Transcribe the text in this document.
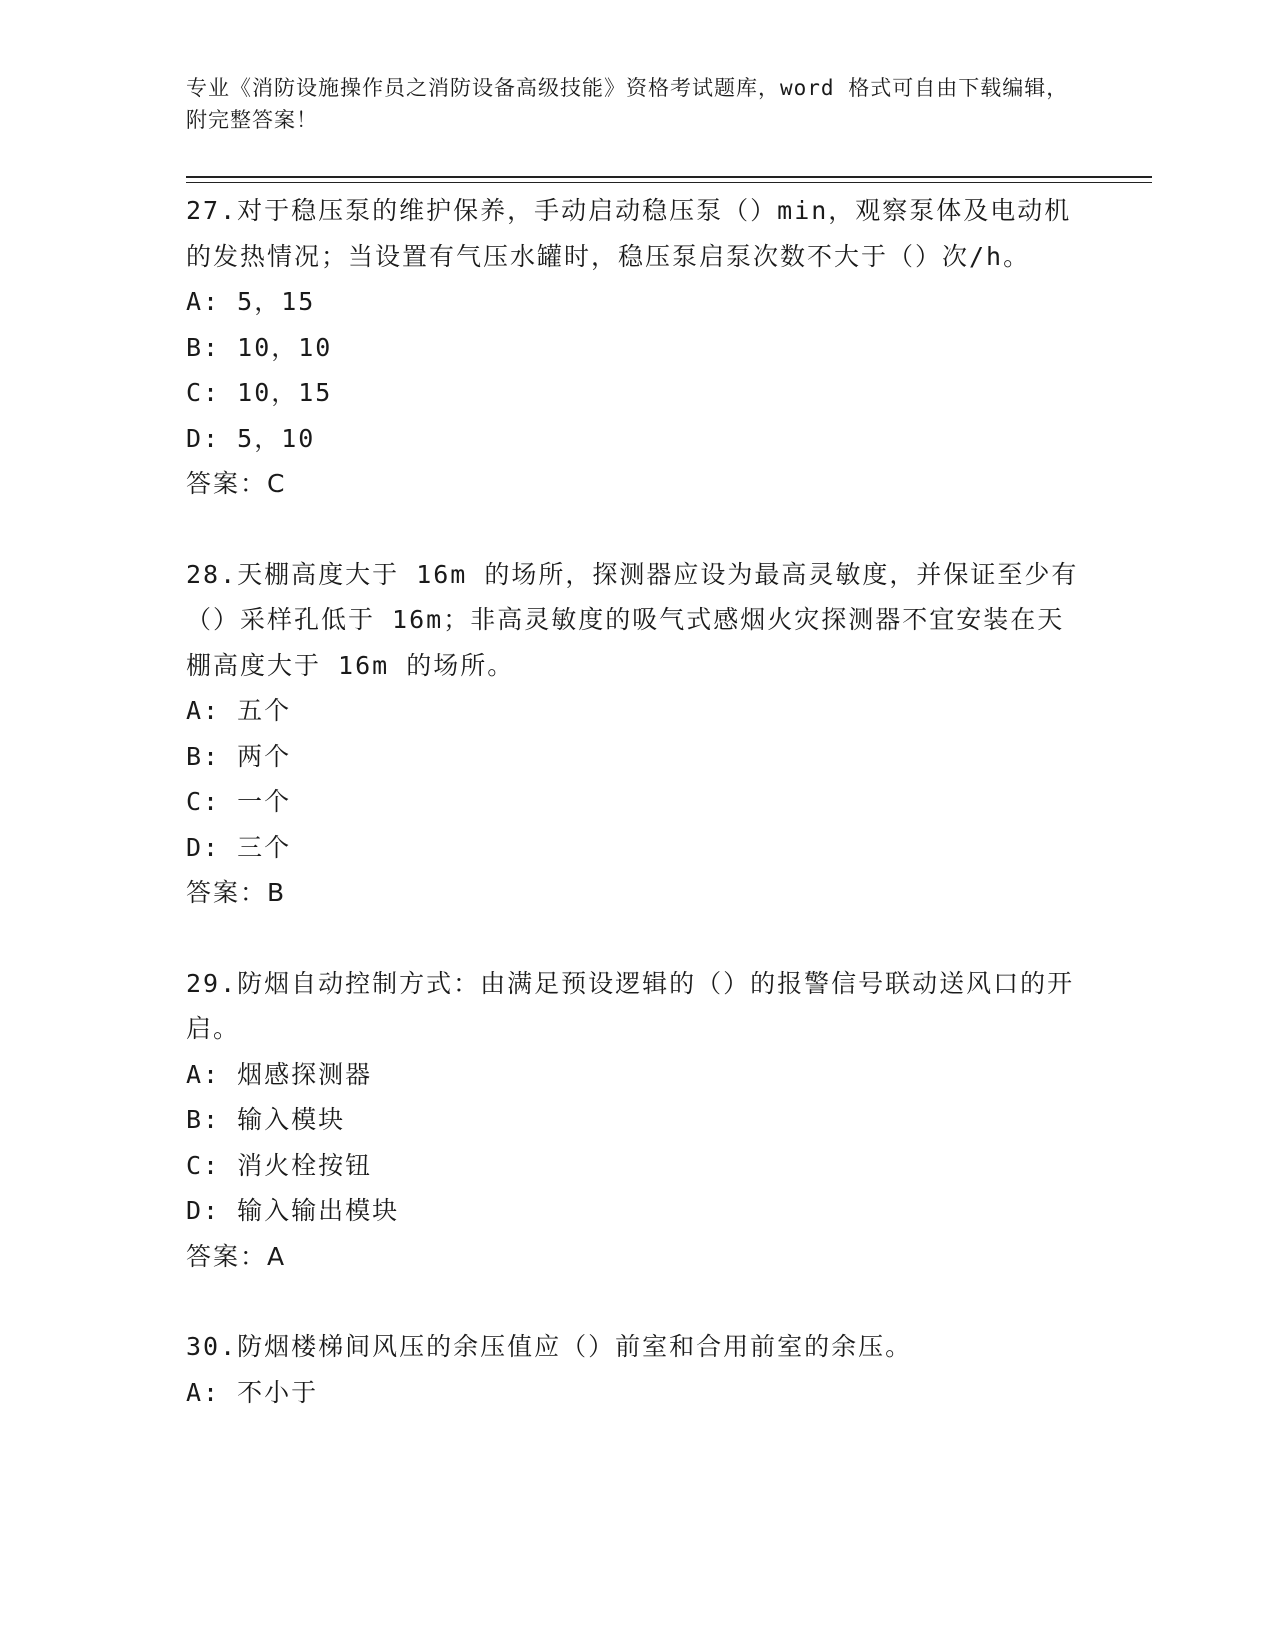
专业《消防设施操作员之消防设备高级技能》资格考试题库，word 格式可自由下载编辑，附完整答案！

27.对于稳压泵的维护保养，手动启动稳压泵（）min，观察泵体及电动机的发热情况；当设置有气压水罐时，稳压泵启泵次数不大于（）次/h。

A: 5，15

B: 10，10

C: 10，15

D: 5，10

答案：C

28.天棚高度大于 16m 的场所，探测器应设为最高灵敏度，并保证至少有（）采样孔低于 16m；非高灵敏度的吸气式感烟火灾探测器不宜安装在天棚高度大于 16m 的场所。

A: 五个

B: 两个

C: 一个

D: 三个

答案：B

29.防烟自动控制方式：由满足预设逻辑的（）的报警信号联动送风口的开启。

A: 烟感探测器

B: 输入模块

C: 消火栓按钮

D: 输入输出模块

答案：A

30.防烟楼梯间风压的余压值应（）前室和合用前室的余压。

A: 不小于
